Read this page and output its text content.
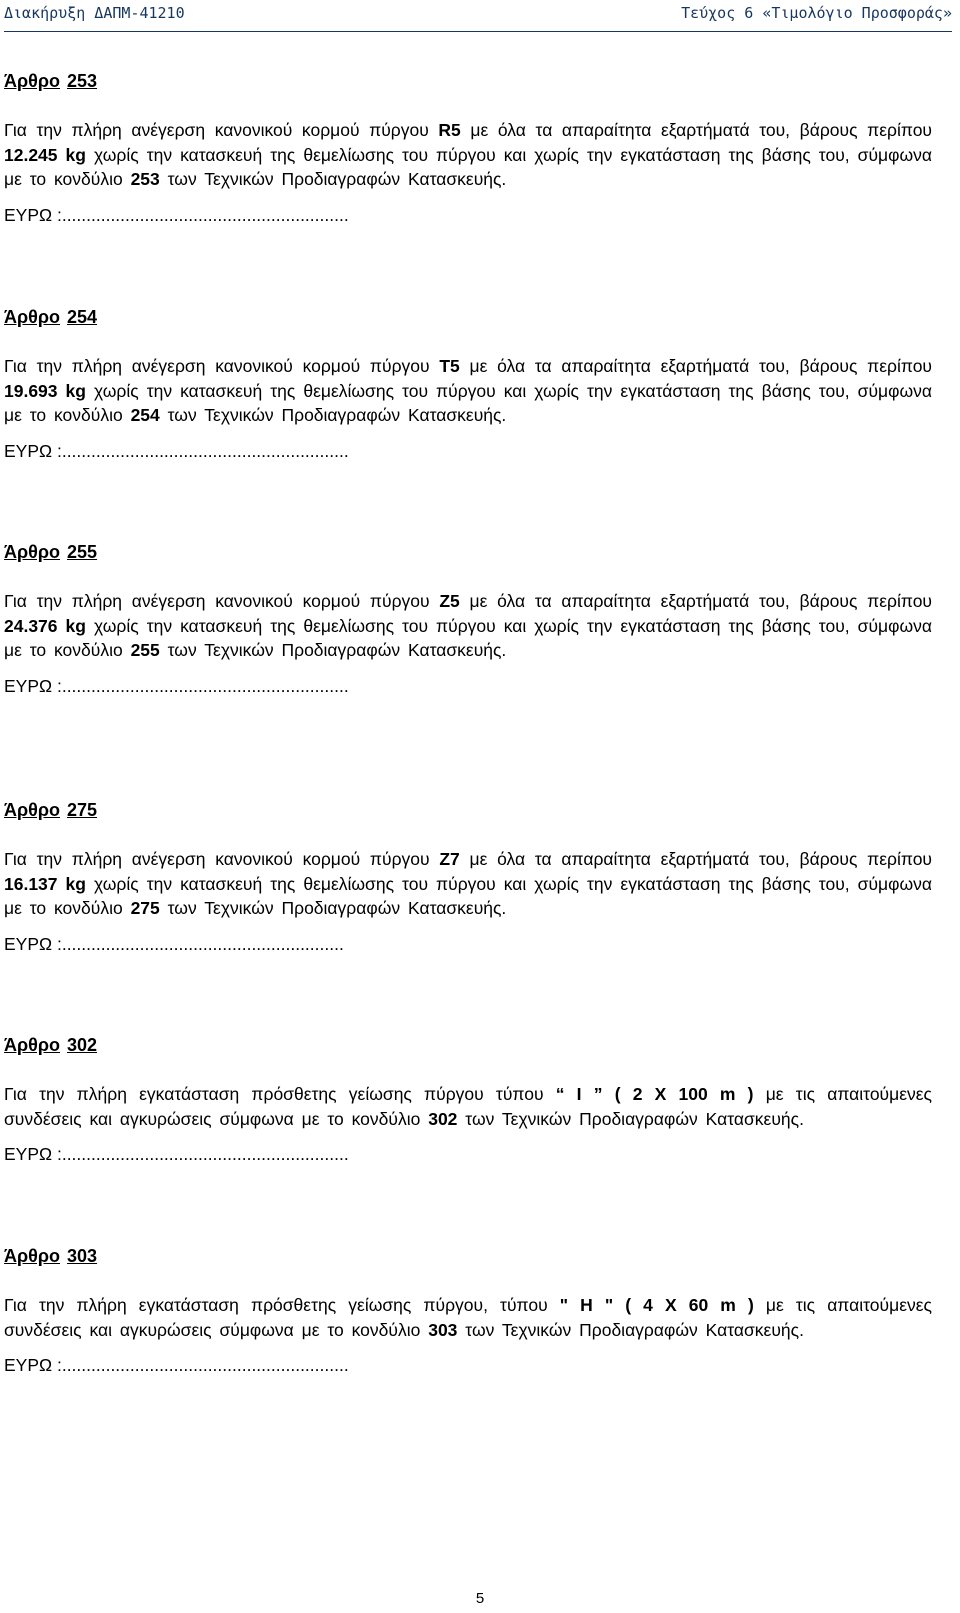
Διακήρυξη ΔΑΠΜ-41210	Τεύχος 6 «Τιμολόγιο Προσφοράς»

Άρθρο 253

Για την πλήρη ανέγερση κανονικού κορμού πύργου R5 με όλα τα απαραίτητα εξαρτήματά του, βάρους περίπου 12.245 kg χωρίς την κατασκευή της θεμελίωσης του πύργου και χωρίς την εγκατάσταση της βάσης του, σύμφωνα με το κονδύλιο 253 των Τεχνικών Προδιαγραφών Κατασκευής.

ΕΥΡΩ :...........................................................

Άρθρο 254

Για την πλήρη ανέγερση κανονικού κορμού πύργου T5 με όλα τα απαραίτητα εξαρτήματά του, βάρους περίπου 19.693 kg χωρίς την κατασκευή της θεμελίωσης του πύργου και χωρίς την εγκατάσταση της βάσης του, σύμφωνα με το κονδύλιο 254 των Τεχνικών Προδιαγραφών Κατασκευής.

ΕΥΡΩ :...........................................................

Άρθρο 255

Για την πλήρη ανέγερση κανονικού κορμού πύργου Z5 με όλα τα απαραίτητα εξαρτήματά του, βάρους περίπου 24.376 kg χωρίς την κατασκευή της θεμελίωσης του πύργου και χωρίς την εγκατάσταση της βάσης του, σύμφωνα με το κονδύλιο 255 των Τεχνικών Προδιαγραφών Κατασκευής.

ΕΥΡΩ :...........................................................

Άρθρο 275

Για την πλήρη ανέγερση κανονικού κορμού πύργου Z7 με όλα τα απαραίτητα εξαρτήματά του, βάρους περίπου 16.137 kg χωρίς την κατασκευή της θεμελίωσης του πύργου και χωρίς την εγκατάσταση της βάσης του, σύμφωνα με το κονδύλιο 275 των Τεχνικών Προδιαγραφών Κατασκευής.

ΕΥΡΩ :..........................................................

Άρθρο 302

Για την πλήρη εγκατάσταση πρόσθετης γείωσης πύργου τύπου “ I ” ( 2 Χ 100 m ) με τις απαιτούμενες συνδέσεις και αγκυρώσεις σύμφωνα με το κονδύλιο 302 των Τεχνικών Προδιαγραφών Κατασκευής.

ΕΥΡΩ :...........................................................

Άρθρο 303

Για την πλήρη εγκατάσταση πρόσθετης γείωσης πύργου, τύπου " Η " ( 4 Χ 60 m ) με τις απαιτούμενες συνδέσεις και αγκυρώσεις σύμφωνα με το κονδύλιο 303 των Τεχνικών Προδιαγραφών Κατασκευής.

ΕΥΡΩ :...........................................................

5
